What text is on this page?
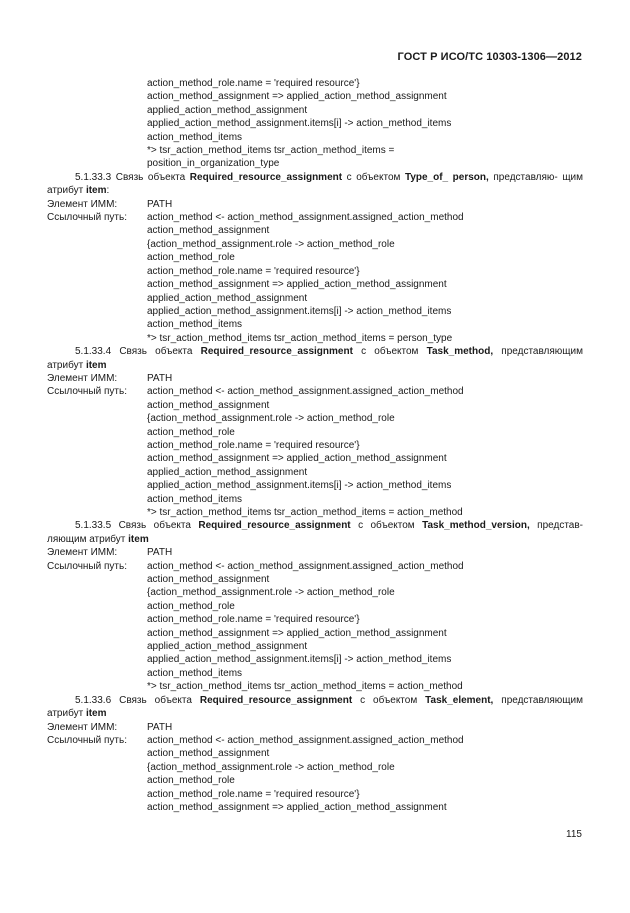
ГОСТ Р ИСО/ТС 10303-1306—2012
action_method_role.name = 'required resource'}
action_method_assignment => applied_action_method_assignment
applied_action_method_assignment
applied_action_method_assignment.items[i] -> action_method_items
action_method_items
*> tsr_action_method_items tsr_action_method_items =
position_in_organization_type
5.1.33.3 Связь объекта Required_resource_assignment с объектом Type_of_ person, представляю- щим атрибут item:
Элемент ИММ:	PATH
Ссылочный путь:	action_method <- action_method_assignment.assigned_action_method
action_method_assignment
{action_method_assignment.role -> action_method_role
action_method_role
action_method_role.name = 'required resource'}
action_method_assignment => applied_action_method_assignment
applied_action_method_assignment
applied_action_method_assignment.items[i] -> action_method_items
action_method_items
*> tsr_action_method_items tsr_action_method_items = person_type
5.1.33.4 Связь объекта Required_resource_assignment с объектом Task_method, представляющим атрибут item
Элемент ИММ:	PATH
Ссылочный путь:	action_method <- action_method_assignment.assigned_action_method
action_method_assignment
{action_method_assignment.role -> action_method_role
action_method_role
action_method_role.name = 'required resource'}
action_method_assignment => applied_action_method_assignment
applied_action_method_assignment
applied_action_method_assignment.items[i] -> action_method_items
action_method_items
*> tsr_action_method_items tsr_action_method_items = action_method
5.1.33.5 Связь объекта Required_resource_assignment с объектом Task_method_version, представ- ляющим атрибут item
Элемент ИММ:	PATH
Ссылочный путь:	action_method <- action_method_assignment.assigned_action_method
action_method_assignment
{action_method_assignment.role -> action_method_role
action_method_role
action_method_role.name = 'required resource'}
action_method_assignment => applied_action_method_assignment
applied_action_method_assignment
applied_action_method_assignment.items[i] -> action_method_items
action_method_items
*> tsr_action_method_items tsr_action_method_items = action_method
5.1.33.6 Связь объекта Required_resource_assignment с объектом Task_element, представляющим атрибут item
Элемент ИММ:	PATH
Ссылочный путь:	action_method <- action_method_assignment.assigned_action_method
action_method_assignment
{action_method_assignment.role -> action_method_role
action_method_role
action_method_role.name = 'required resource'}
action_method_assignment => applied_action_method_assignment
115
